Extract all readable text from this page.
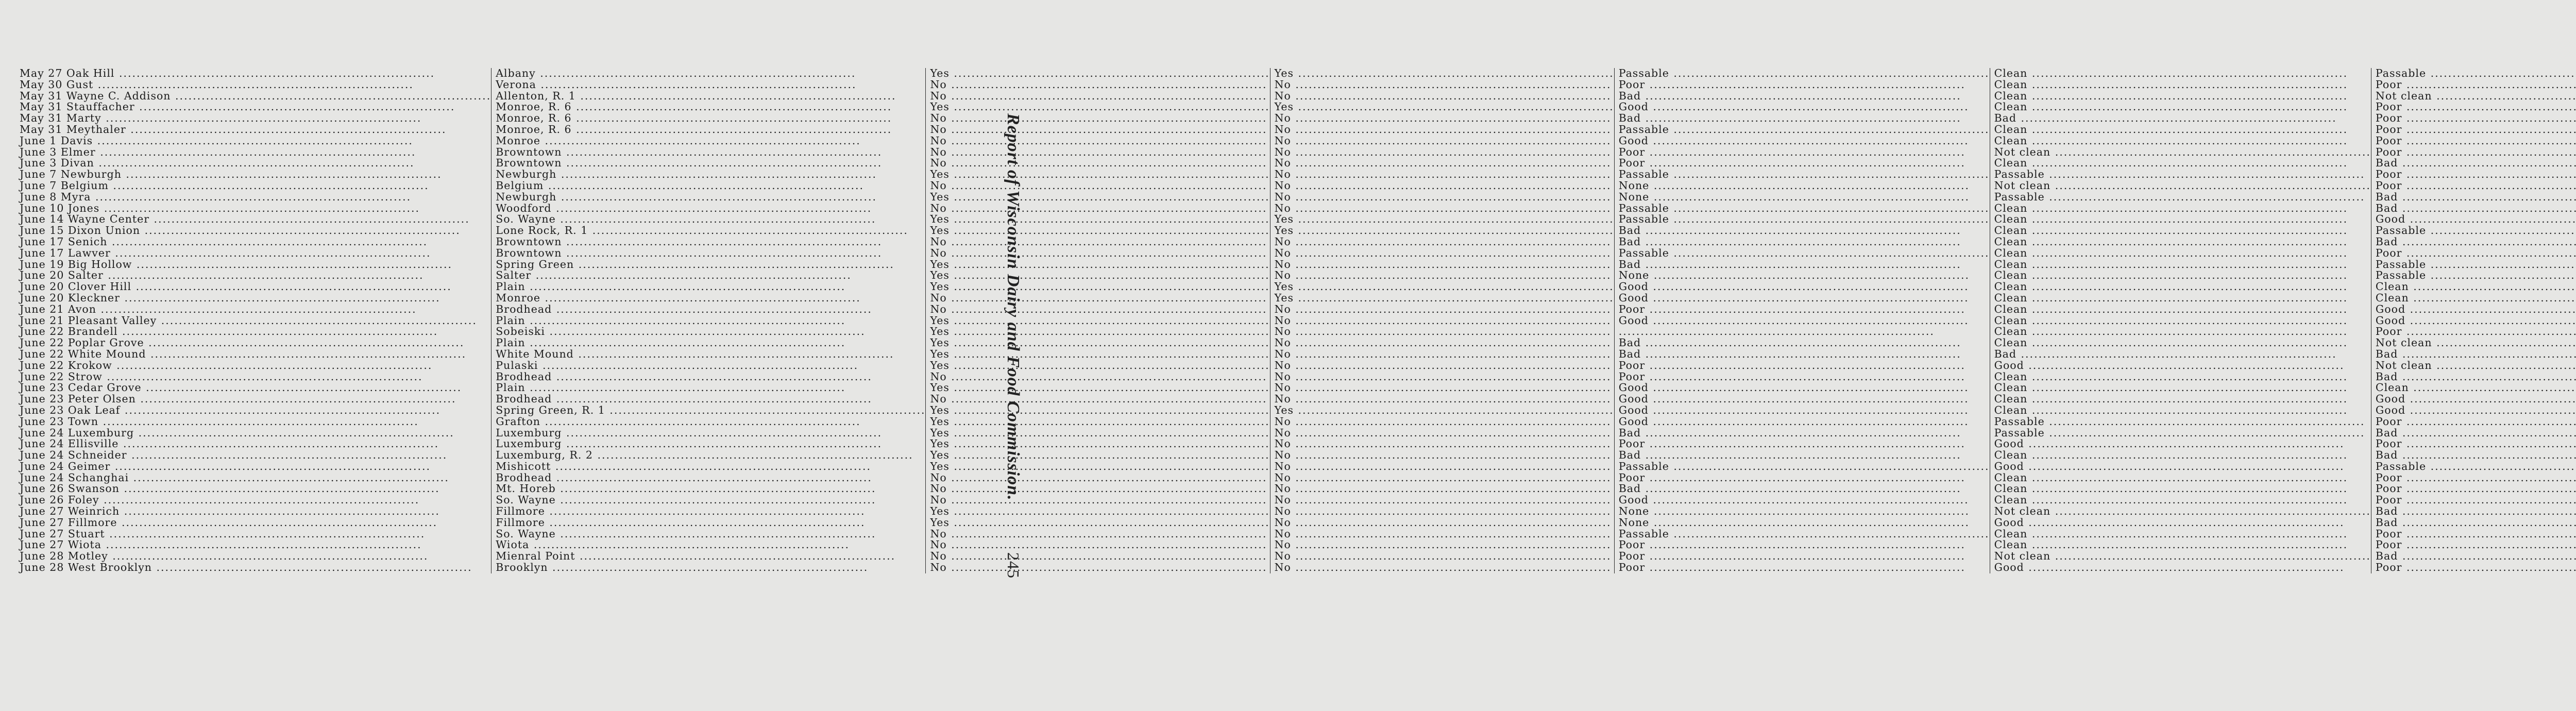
May 27 Oak Hill .....	Albany .....	Yes .....	Yes .....	Passable .....	Clean .....	Passable .....		
May 30 Gust .....	Verona .....	No .....	No .....	Poor .....	Clean .....	Poor .....		
May 31 Wayne C. Addison .....	Allenton, R. 1 .....	No .....	No .....	Bad .....	Clean .....	Not clean .....		
May 31 Stauffacher .....	Monroe, R. 6 .....	Yes .....	Yes .....	Good .....	Clean .....	Poor .....		
May 31 Marty .....	Monroe, R. 6 .....	No .....	No .....	Bad .....	Bad .....	Poor .....		
May 31 Meythaler .....	Monroe, R. 6 .....	No .....	No .....	Passable .....	Clean .....	Poor .....		
June 1 Davis .....	Monroe .....	No .....	No .....	Good .....	Clean .....	Poor .....		
June 3 Elmer .....	Browntown .....	No .....	No .....	Poor .....	Not clean .....	Poor .....		
June 3 Divan .....	Browntown .....	No .....	No .....	Poor .....	Clean .....	Bad .....		
June 7 Newburgh .....	Newburgh .....	Yes .....	No .....	Passable .....	Passable .....	Poor .....		
June 7 Belgium .....	Belgium .....	No .....	No .....	None .....	Not clean .....	Poor .....		
June 8 Myra .....	Newburgh .....	Yes .....	No .....	None .....	Passable .....	Bad .....		
June 10 Jones .....	Woodford .....	No .....	No .....	Passable .....	Clean .....	Bad .....		
June 14 Wayne Center .....	So. Wayne .....	Yes .....	Yes .....	Passable .....	Clean .....	Good .....		
June 15 Dixon Union .....	Lone Rock, R. 1 .....	Yes .....	Yes .....	Bad .....	Clean .....	Passable .....		
June 17 Senich .....	Browntown .....	No .....	No .....	Bad .....	Clean .....	Bad .....		
June 17 Lawver .....	Browntown .....	No .....	No .....	Passable .....	Clean .....	Poor .....		
June 19 Big Hollow .....	Spring Green .....	Yes .....	No .....	Bad .....	Clean .....	Passable .....		
June 20 Salter .....	Salter .....	Yes .....	No .....	None .....	Clean .....	Passable .....		
June 20 Clover Hill .....	Plain .....	Yes .....	Yes .....	Good .....	Clean .....	Clean .....		
June 20 Kleckner .....	Monroe .....	No .....	Yes .....	Good .....	Clean .....	Clean .....		
June 21 Avon .....	Brodhead .....	No .....	No .....	Poor .....	Clean .....	Good .....		
June 21 Pleasant Valley .....	Plain .....	Yes .....	No .....	Good .....	Clean .....	Good .....		
June 22 Brandell .....	Sobeiski .....	Yes .....	No .....	.....	Clean .....	Poor .....		
June 22 Poplar Grove .....	Plain .....	Yes .....	No .....	Bad .....	Clean .....	Not clean .....		
June 22 White Mound .....	White Mound .....	Yes .....	No .....	Bad .....	Bad .....	Bad .....		
June 22 Krokow .....	Pulaski .....	Yes .....	No .....	Poor .....	Good .....	Not clean .....		
June 22 Strow .....	Brodhead .....	No .....	No .....	Poor .....	Clean .....	Bad .....		
June 23 Cedar Grove .....	Plain .....	Yes .....	No .....	Good .....	Clean .....	Clean .....		
June 23 Peter Olsen .....	Brodhead .....	No .....	No .....	Good .....	Clean .....	Good .....		
June 23 Oak Leaf .....	Spring Green, R. 1 .....	Yes .....	Yes .....	Good .....	Clean .....	Good .....		
June 23 Town .....	Grafton .....	Yes .....	No .....	Good .....	Passable .....	Poor .....		
June 24 Luxemburg .....	Luxemburg .....	Yes .....	No .....	Bad .....	Passable .....	Bad .....		
June 24 Ellisville .....	Luxemburg .....	Yes .....	No .....	Poor .....	Good .....	Poor .....		
June 24 Schneider .....	Luxemburg, R. 2 .....	Yes .....	No .....	Bad .....	Clean .....	Bad .....		
June 24 Geimer .....	Mishicott .....	Yes .....	No .....	Passable .....	Good .....	Passable .....		
June 24 Schanghai .....	Brodhead .....	No .....	No .....	Poor .....	Clean .....	Poor .....		
June 26 Swanson .....	Mt. Horeb .....	No .....	No .....	Bad .....	Clean .....	Poor .....		
June 26 Foley .....	So. Wayne .....	No .....	No .....	Good .....	Clean .....	Poor .....		
June 27 Weinrich .....	Fillmore .....	Yes .....	No .....	None .....	Not clean .....	Bad .....		
June 27 Fillmore .....	Fillmore .....	Yes .....	No .....	None .....	Good .....	Bad .....		
June 27 Stuart .....	So. Wayne .....	No .....	No .....	Passable .....	Clean .....	Poor .....		
June 27 Wiota .....	Wiota .....	No .....	No .....	Poor .....	Clean .....	Poor .....		
June 28 Motley .....	Mienral Point .....	No .....	No .....	Poor .....	Not clean .....	Bad .....		
June 28 West Brooklyn .....	Brooklyn .....	No .....	No .....	Poor .....	Good .....	Poor .....		
Report of Wisconsin Dairy and Food Commission.
245
